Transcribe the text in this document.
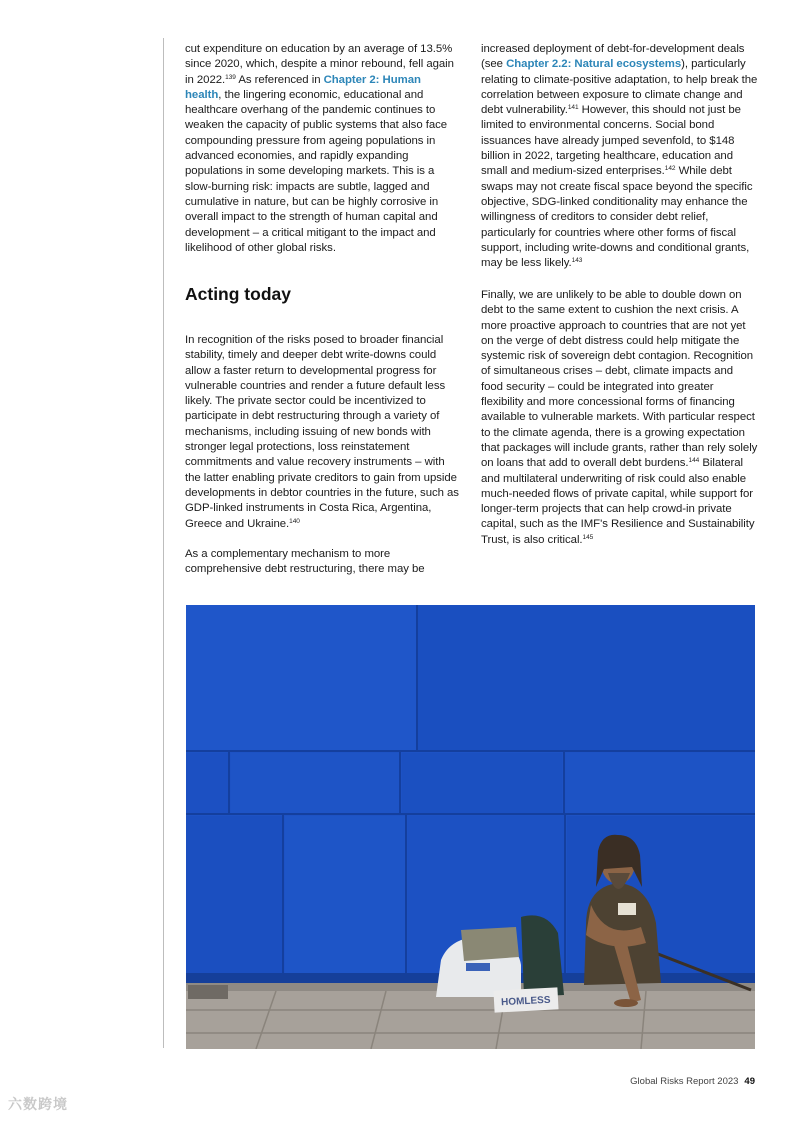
cut expenditure on education by an average of 13.5% since 2020, which, despite a minor rebound, fell again in 2022.$^{139}$ As referenced in Chapter 2: Human health, the lingering economic, educational and healthcare overhang of the pandemic continues to weaken the capacity of public systems that also face compounding pressure from ageing populations in advanced economies, and rapidly expanding populations in some developing markets. This is a slow-burning risk: impacts are subtle, lagged and cumulative in nature, but can be highly corrosive in overall impact to the strength of human capital and development – a critical mitigant to the impact and likelihood of other global risks.

increased deployment of debt-for-development deals (see Chapter 2.2: Natural ecosystems), particularly relating to climate-positive adaptation, to help break the correlation between exposure to climate change and debt vulnerability.$^{141}$ However, this should not just be limited to environmental concerns. Social bond issuances have already jumped sevenfold, to $148 billion in 2022, targeting healthcare, education and small and medium-sized enterprises.$^{142}$ While debt swaps may not create fiscal space beyond the specific objective, SDG-linked conditionality may enhance the willingness of creditors to consider debt relief, particularly for countries where other forms of fiscal support, including write-downs and conditional grants, may be less likely.$^{143}$

Acting today

In recognition of the risks posed to broader financial stability, timely and deeper debt write-downs could allow a faster return to developmental progress for vulnerable countries and render a future default less likely. The private sector could be incentivized to participate in debt restructuring through a variety of mechanisms, including issuing of new bonds with stronger legal protections, loss reinstatement commitments and value recovery instruments – with the latter enabling private creditors to gain from upside developments in debtor countries in the future, such as GDP-linked instruments in Costa Rica, Argentina, Greece and Ukraine.$^{140}$

As a complementary mechanism to more comprehensive debt restructuring, there may be

Finally, we are unlikely to be able to double down on debt to the same extent to cushion the next crisis. A more proactive approach to countries that are not yet on the verge of debt distress could help mitigate the systemic risk of sovereign debt contagion. Recognition of simultaneous crises – debt, climate impacts and food security – could be integrated into greater flexibility and more concessional forms of financing available to vulnerable markets. With particular respect to the climate agenda, there is a growing expectation that packages will include grants, rather than rely solely on loans that add to overall debt burdens.$^{144}$ Bilateral and multilateral underwriting of risk could also enable much-needed flows of private capital, while support for longer-term projects that can help crowd-in private capital, such as the IMF's Resilience and Sustainability Trust, is also critical.$^{145}$

HOMLESS
Global Risks Report 2023 49
六数跨境
